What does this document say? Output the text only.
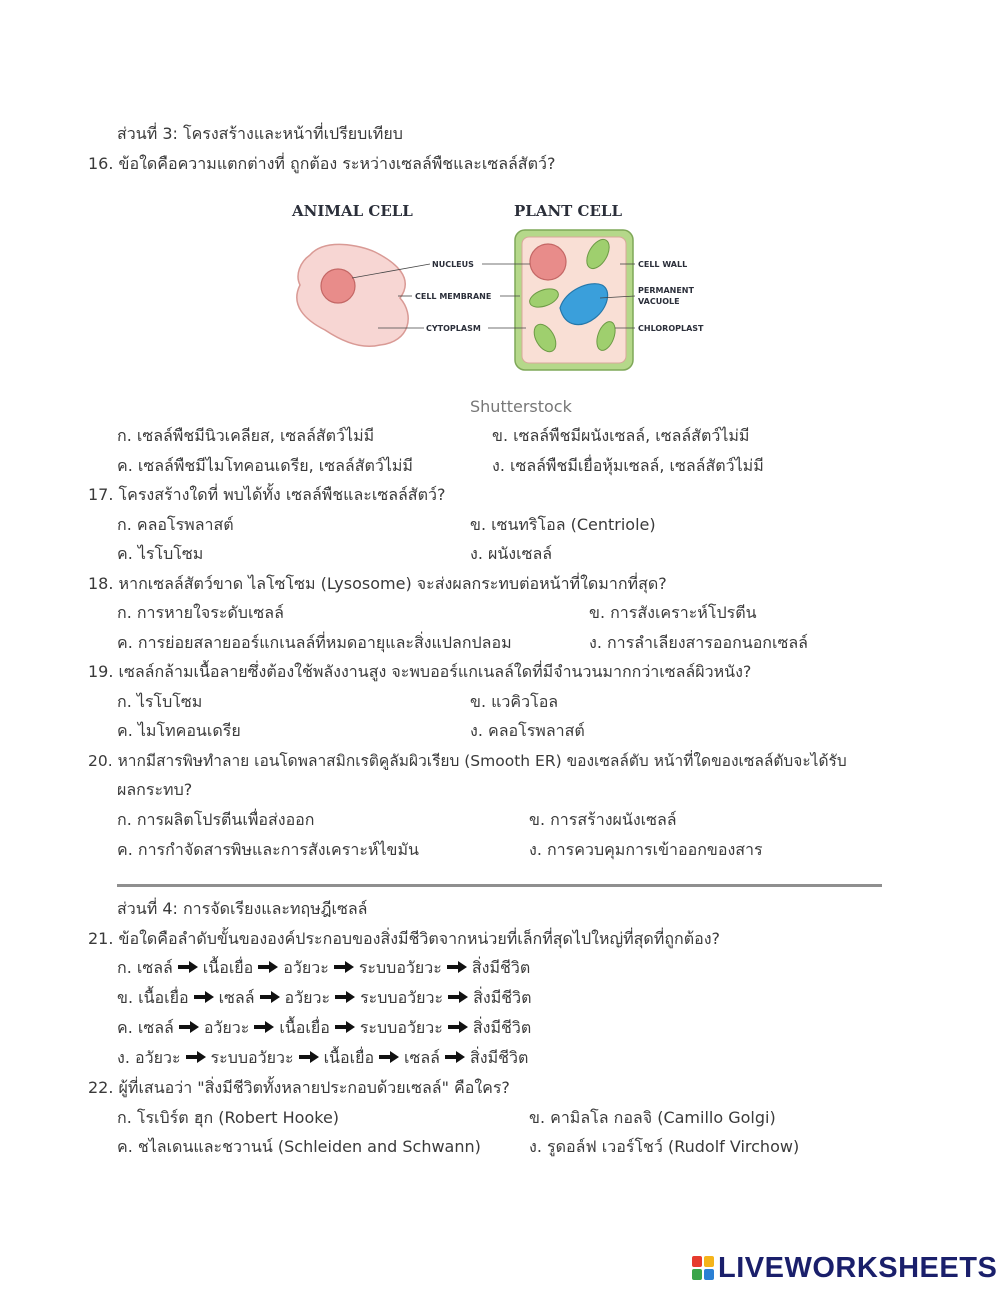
ส่วนที่ 3: โครงสร้างและหน้าที่เปรียบเทียบ
16. ข้อใดคือความแตกต่างที่ ถูกต้อง ระหว่างเซลล์พืชและเซลล์สัตว์?
ANIMAL CELL	PLANT CELL
NUCLEUS
CELL MEMBRANE
CYTOPLASM
CELL WALL
PERMANENT
VACUOLE
CHLOROPLAST
Shutterstock
ก. เซลล์พืชมีนิวเคลียส, เซลล์สัตว์ไม่มี	ข. เซลล์พืชมีผนังเซลล์, เซลล์สัตว์ไม่มี
ค. เซลล์พืชมีไมโทคอนเดรีย, เซลล์สัตว์ไม่มี	ง. เซลล์พืชมีเยื่อหุ้มเซลล์, เซลล์สัตว์ไม่มี
17. โครงสร้างใดที่ พบได้ทั้ง เซลล์พืชและเซลล์สัตว์?
ก. คลอโรพลาสต์	ข. เซนทริโอล (Centriole)
ค. ไรโบโซม	ง. ผนังเซลล์
18. หากเซลล์สัตว์ขาด ไลโซโซม (Lysosome) จะส่งผลกระทบต่อหน้าที่ใดมากที่สุด?
ก. การหายใจระดับเซลล์	ข. การสังเคราะห์โปรตีน
ค. การย่อยสลายออร์แกเนลล์ที่หมดอายุและสิ่งแปลกปลอม	ง. การลำเลียงสารออกนอกเซลล์
19. เซลล์กล้ามเนื้อลายซึ่งต้องใช้พลังงานสูง จะพบออร์แกเนลล์ใดที่มีจำนวนมากกว่าเซลล์ผิวหนัง?
ก. ไรโบโซม	ข. แวคิวโอล
ค. ไมโทคอนเดรีย	ง. คลอโรพลาสต์
20. หากมีสารพิษทำลาย เอนโดพลาสมิกเรติคูลัมผิวเรียบ (Smooth ER) ของเซลล์ตับ หน้าที่ใดของเซลล์ตับจะได้รับ
ผลกระทบ?
ก. การผลิตโปรตีนเพื่อส่งออก	ข. การสร้างผนังเซลล์
ค. การกำจัดสารพิษและการสังเคราะห์ไขมัน	ง. การควบคุมการเข้าออกของสาร
ส่วนที่ 4: การจัดเรียงและทฤษฎีเซลล์
21. ข้อใดคือลำดับขั้นขององค์ประกอบของสิ่งมีชีวิตจากหน่วยที่เล็กที่สุดไปใหญ่ที่สุดที่ถูกต้อง?
ก. เซลล์ เนื้อเยื่อ อวัยวะ ระบบอวัยวะ สิ่งมีชีวิต
ข. เนื้อเยื่อ เซลล์ อวัยวะ ระบบอวัยวะ สิ่งมีชีวิต
ค. เซลล์ อวัยวะ เนื้อเยื่อ ระบบอวัยวะ สิ่งมีชีวิต
ง. อวัยวะ ระบบอวัยวะ เนื้อเยื่อ เซลล์ สิ่งมีชีวิต
22. ผู้ที่เสนอว่า "สิ่งมีชีวิตทั้งหลายประกอบด้วยเซลล์" คือใคร?
ก. โรเบิร์ต ฮุก (Robert Hooke)	ข. คามิลโล กอลจิ (Camillo Golgi)
ค. ชไลเดนและชวานน์ (Schleiden and Schwann)	ง. รูดอล์ฟ เวอร์โชว์ (Rudolf Virchow)
LIVEWORKSHEETS
